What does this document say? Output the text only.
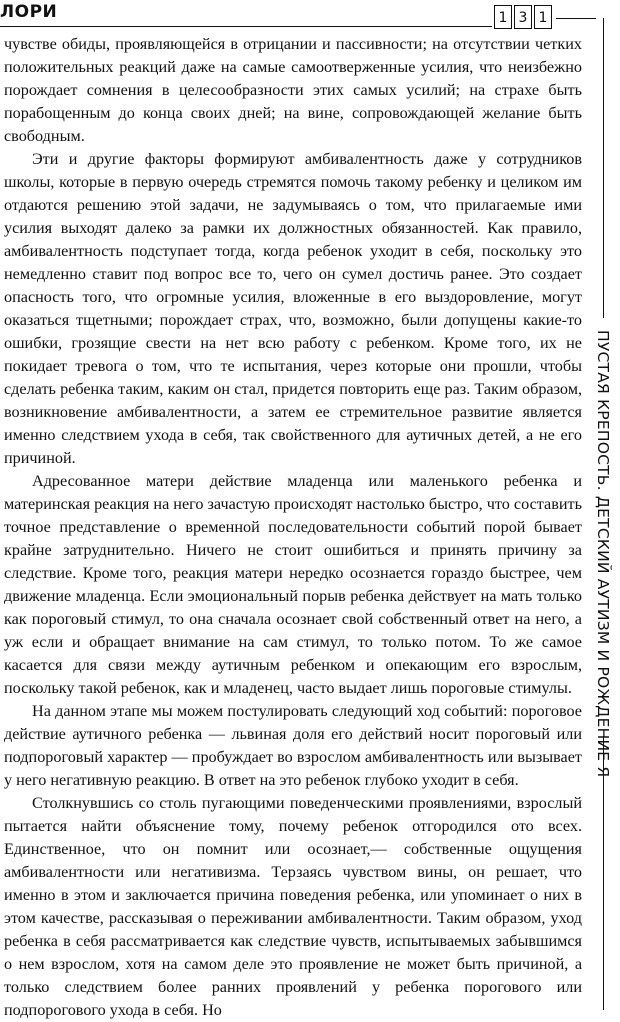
ЛОРИ	1 3 1
ПУСТАЯ КРЕПОСТЬ. ДЕТСКИЙ АУТИЗМ И РОЖДЕНИЕ Я

чувстве обиды, проявляющейся в отрицании и пассивности; на отсутствии четких положительных реакций даже на самые самоотверженные усилия, что неизбежно порождает сомнения в целесообразности этих самых усилий; на страхе быть порабощенным до конца своих дней; на вине, сопровождающей желание быть свободным.

Эти и другие факторы формируют амбивалентность даже у сотрудников школы, которые в первую очередь стремятся помочь такому ребенку и целиком им отдаются решению этой задачи, не задумываясь о том, что прилагаемые ими усилия выходят далеко за рамки их должностных обязанностей. Как правило, амбивалентность подступает тогда, когда ребенок уходит в себя, поскольку это немедленно ставит под вопрос все то, чего он сумел достичь ранее. Это создает опасность того, что огромные усилия, вложенные в его выздоровление, могут оказаться тщетными; порождает страх, что, возможно, были допущены какие-то ошибки, грозящие свести на нет всю работу с ребенком. Кроме того, их не покидает тревога о том, что те испытания, через которые они прошли, чтобы сделать ребенка таким, каким он стал, придется повторить еще раз. Таким образом, возникновение амбивалентности, а затем ее стремительное развитие является именно следствием ухода в себя, так свойственного для аутичных детей, а не его причиной.

Адресованное матери действие младенца или маленького ребенка и материнская реакция на него зачастую происходят настолько быстро, что составить точное представление о временной последовательности событий порой бывает крайне затруднительно. Ничего не стоит ошибиться и принять причину за следствие. Кроме того, реакция матери нередко осознается гораздо быстрее, чем движение младенца. Если эмоциональный порыв ребенка действует на мать только как пороговый стимул, то она сначала осознает свой собственный ответ на него, а уж если и обращает внимание на сам стимул, то только потом. То же самое касается для связи между аутичным ребенком и опекающим его взрослым, поскольку такой ребенок, как и младенец, часто выдает лишь пороговые стимулы.

На данном этапе мы можем постулировать следующий ход событий: пороговое действие аутичного ребенка — львиная доля его действий носит пороговый или подпороговый характер — пробуждает во взрослом амбивалентность или вызывает у него негативную реакцию. В ответ на это ребенок глубоко уходит в себя.

Столкнувшись со столь пугающими поведенческими проявлениями, взрослый пытается найти объяснение тому, почему ребенок отгородился ото всех. Единственное, что он помнит или осознает,— собственные ощущения амбивалентности или негативизма. Терзаясь чувством вины, он решает, что именно в этом и заключается причина поведения ребенка, или упоминает о них в этом качестве, рассказывая о переживании амбивалентности. Таким образом, уход ребенка в себя рассматривается как следствие чувств, испытываемых забывшимся о нем взрослом, хотя на самом деле это проявление не может быть причиной, а только следствием более ранних проявлений у ребенка порогового или подпорогового ухода в себя. Но
